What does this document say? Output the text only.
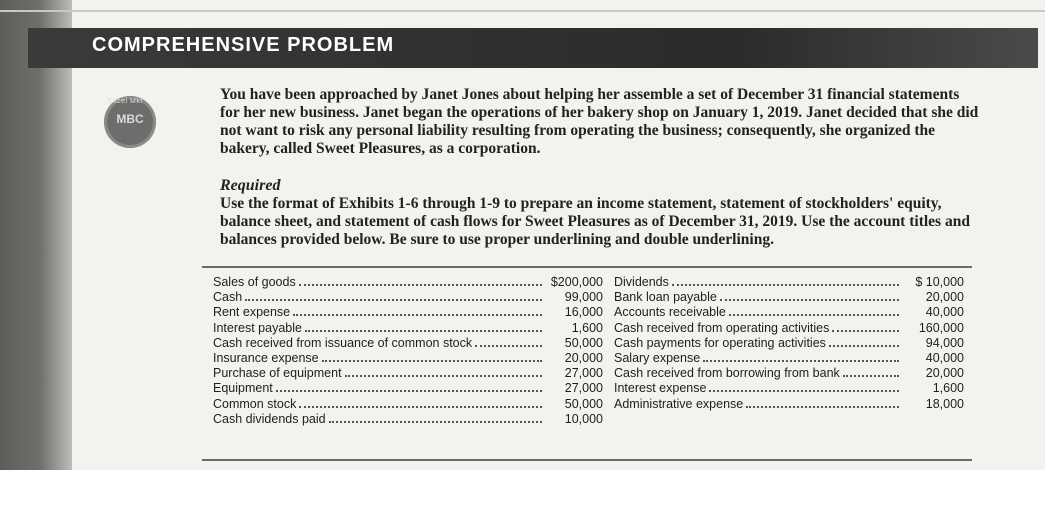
COMPREHENSIVE PROBLEM
Excel Mkt
MBC

You have been approached by Janet Jones about helping her assemble a set of December 31 financial statements for her new business. Janet began the operations of her bakery shop on January 1, 2019. Janet decided that she did not want to risk any personal liability resulting from operating the business; consequently, she organized the bakery, called Sweet Pleasures, as a corporation.

Required

Use the format of Exhibits 1-6 through 1-9 to prepare an income statement, statement of stockholders' equity, balance sheet, and statement of cash flows for Sweet Pleasures as of December 31, 2019. Use the account titles and balances provided below. Be sure to use proper underlining and double underlining.

Sales of goods	$200,000
Cash	99,000
Rent expense	16,000
Interest payable	1,600
Cash received from issuance of common stock	50,000
Insurance expense	20,000
Purchase of equipment	27,000
Equipment	27,000
Common stock	50,000
Cash dividends paid	10,000
Dividends	$ 10,000
Bank loan payable	20,000
Accounts receivable	40,000
Cash received from operating activities	160,000
Cash payments for operating activities	94,000
Salary expense	40,000
Cash received from borrowing from bank	20,000
Interest expense	1,600
Administrative expense	18,000
